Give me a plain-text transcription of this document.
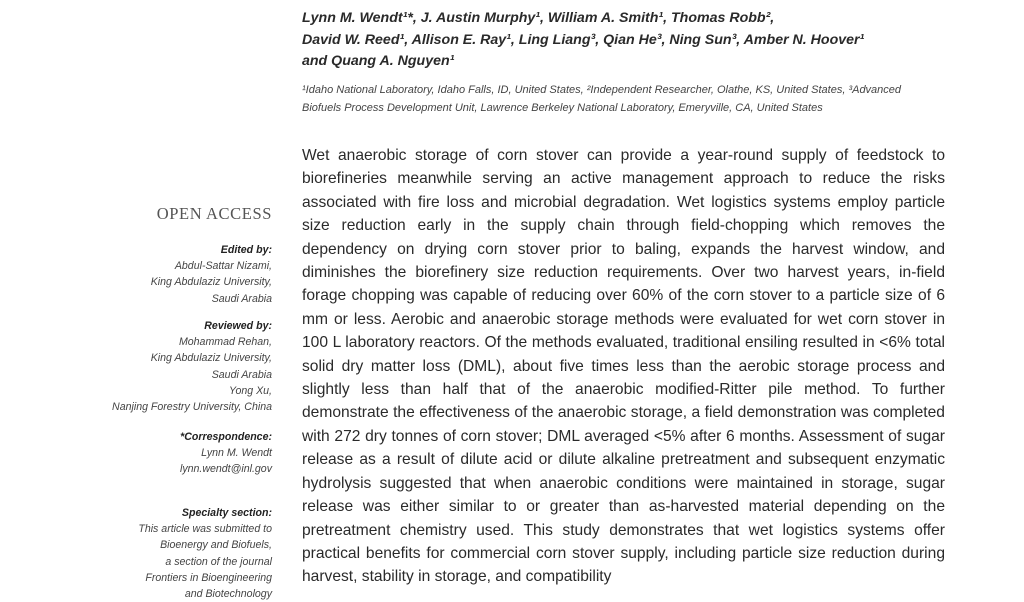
Lynn M. Wendt¹*, J. Austin Murphy¹, William A. Smith¹, Thomas Robb²,
David W. Reed¹, Allison E. Ray¹, Ling Liang³, Qian He³, Ning Sun³, Amber N. Hoover¹
and Quang A. Nguyen¹
¹Idaho National Laboratory, Idaho Falls, ID, United States, ²Independent Researcher, Olathe, KS, United States, ³Advanced
Biofuels Process Development Unit, Lawrence Berkeley National Laboratory, Emeryville, CA, United States

Wet anaerobic storage of corn stover can provide a year-round supply of feedstock to biorefineries meanwhile serving an active management approach to reduce the risks associated with fire loss and microbial degradation. Wet logistics systems employ particle size reduction early in the supply chain through field-chopping which removes the dependency on drying corn stover prior to baling, expands the harvest window, and diminishes the biorefinery size reduction requirements. Over two harvest years, in-field forage chopping was capable of reducing over 60% of the corn stover to a particle size of 6 mm or less. Aerobic and anaerobic storage methods were evaluated for wet corn stover in 100 L laboratory reactors. Of the methods evaluated, traditional ensiling resulted in <6% total solid dry matter loss (DML), about five times less than the aerobic storage process and slightly less than half that of the anaerobic modified-Ritter pile method. To further demonstrate the effectiveness of the anaerobic storage, a field demonstration was completed with 272 dry tonnes of corn stover; DML averaged <5% after 6 months. Assessment of sugar release as a result of dilute acid or dilute alkaline pretreatment and subsequent enzymatic hydrolysis suggested that when anaerobic conditions were maintained in storage, sugar release was either similar to or greater than as-harvested material depending on the pretreatment chemistry used. This study demonstrates that wet logistics systems offer practical benefits for commercial corn stover supply, including particle size reduction during harvest, stability in storage, and compatibility

OPEN ACCESS
Edited by:
Abdul-Sattar Nizami,
King Abdulaziz University,
Saudi Arabia
Reviewed by:
Mohammad Rehan,
King Abdulaziz University,
Saudi Arabia
Yong Xu,
Nanjing Forestry University, China
*Correspondence:
Lynn M. Wendt
lynn.wendt@inl.gov
Specialty section:
This article was submitted to
Bioenergy and Biofuels,
a section of the journal
Frontiers in Bioengineering
and Biotechnology
